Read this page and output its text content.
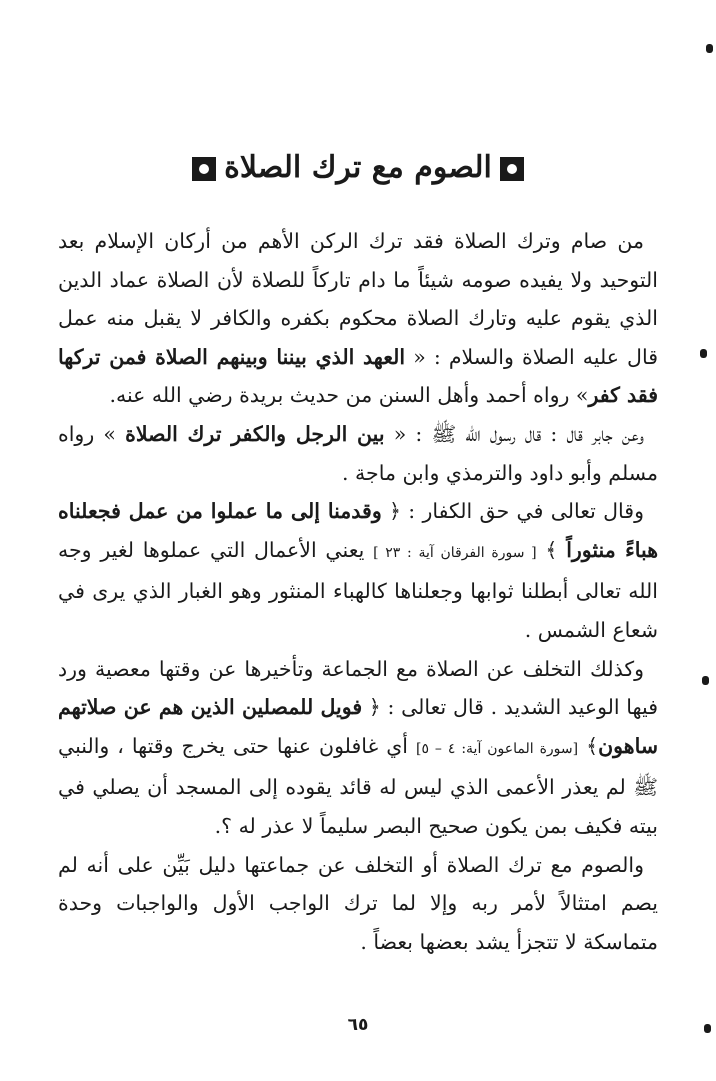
الصوم مع ترك الصلاة

من صام وترك الصلاة فقد ترك الركن الأهم من أركان الإسلام بعد التوحيد ولا يفيده صومه شيئاً ما دام تاركاً للصلاة لأن الصلاة عماد الدين الذي يقوم عليه وتارك الصلاة محكوم بكفره والكافر لا يقبل منه عمل قال عليه الصلاة والسلام : « العهد الذي بيننا وبينهم الصلاة فمن تركها فقد كفر» رواه أحمد وأهل السنن من حديث بريدة رضي الله عنه.

وعن جابر قال : قال رسول الله ﷺ : « بين الرجل والكفر ترك الصلاة » رواه مسلم وأبو داود والترمذي وابن ماجة .

وقال تعالى في حق الكفار : ﴿ وقدمنا إلى ما عملوا من عمل فجعلناه هباءً منثوراً ﴾ [ سورة الفرقان آية : ٢٣ ] يعني الأعمال التي عملوها لغير وجه الله تعالى أبطلنا ثوابها وجعلناها كالهباء المنثور وهو الغبار الذي يرى في شعاع الشمس .

وكذلك التخلف عن الصلاة مع الجماعة وتأخيرها عن وقتها معصية ورد فيها الوعيد الشديد . قال تعالى : ﴿ فويل للمصلين الذين هم عن صلاتهم ساهون﴾ [سورة الماعون آية: ٤ – ٥] أي غافلون عنها حتى يخرج وقتها ، والنبي ﷺ لم يعذر الأعمى الذي ليس له قائد يقوده إلى المسجد أن يصلي في بيته فكيف بمن يكون صحيح البصر سليماً لا عذر له ؟.

والصوم مع ترك الصلاة أو التخلف عن جماعتها دليل بَيِّن على أنه لم يصم امتثالاً لأمر ربه وإلا لما ترك الواجب الأول والواجبات وحدة متماسكة لا تتجزأ يشد بعضها بعضاً .

٦٥
